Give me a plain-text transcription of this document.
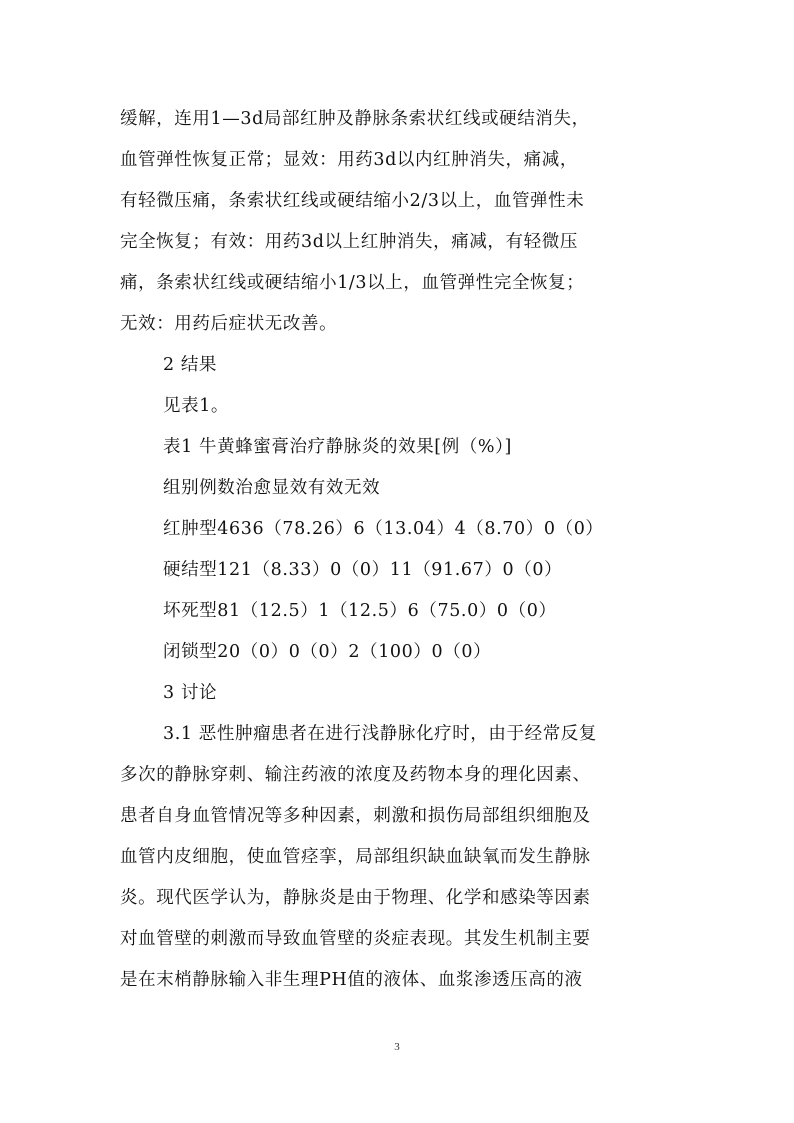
缓解，连用1—3d局部红肿及静脉条索状红线或硬结消失，
血管弹性恢复正常；显效：用药3d以内红肿消失，痛减，
有轻微压痛，条索状红线或硬结缩小2/3以上，血管弹性未
完全恢复；有效：用药3d以上红肿消失，痛减，有轻微压
痛，条索状红线或硬结缩小1/3以上，血管弹性完全恢复；
无效：用药后症状无改善。
2 结果
见表1。
表1 牛黄蜂蜜膏治疗静脉炎的效果[例（%）]
组别例数治愈显效有效无效
红肿型4636（78.26）6（13.04）4（8.70）0（0）
硬结型121（8.33）0（0）11（91.67）0（0）
坏死型81（12.5）1（12.5）6（75.0）0（0）
闭锁型20（0）0（0）2（100）0（0）
3 讨论
3.1 恶性肿瘤患者在进行浅静脉化疗时，由于经常反复
多次的静脉穿刺、输注药液的浓度及药物本身的理化因素、
患者自身血管情况等多种因素，刺激和损伤局部组织细胞及
血管内皮细胞，使血管痉挛，局部组织缺血缺氧而发生静脉
炎。现代医学认为，静脉炎是由于物理、化学和感染等因素
对血管壁的刺激而导致血管壁的炎症表现。其发生机制主要
是在末梢静脉输入非生理PH值的液体、血浆渗透压高的液
3
